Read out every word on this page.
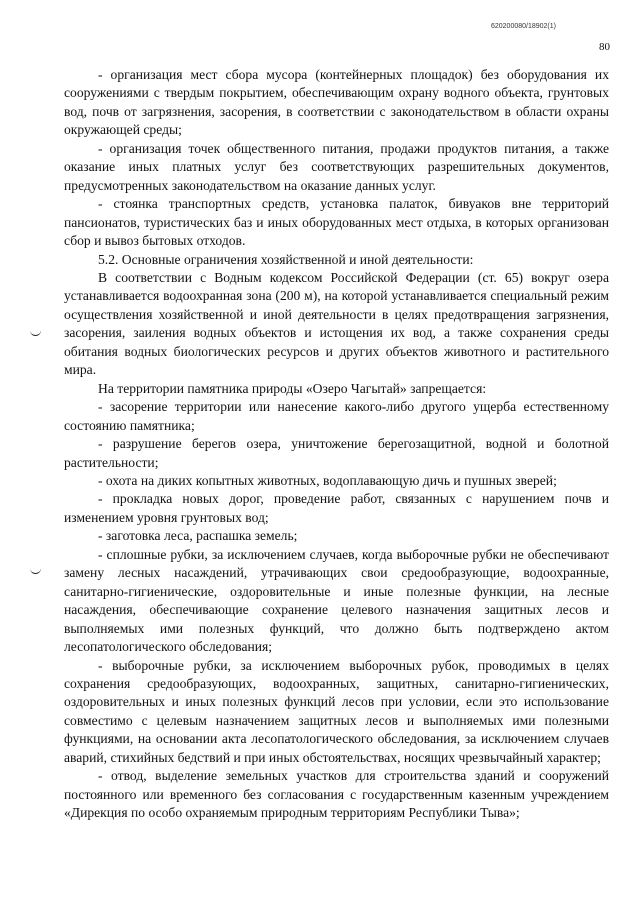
620200080/18902(1)
80

- организация мест сбора мусора (контейнерных площадок) без оборудования их сооружениями с твердым покрытием, обеспечивающим охрану водного объекта, грунтовых вод, почв от загрязнения, засорения, в соответствии с законодательством в области охраны окружающей среды;

- организация точек общественного питания, продажи продуктов питания, а также оказание иных платных услуг без соответствующих разрешительных документов, предусмотренных законодательством на оказание данных услуг.

- стоянка транспортных средств, установка палаток, бивуаков вне территорий пансионатов, туристических баз и иных оборудованных мест отдыха, в которых организован сбор и вывоз бытовых отходов.

5.2. Основные ограничения хозяйственной и иной деятельности:

В соответствии с Водным кодексом Российской Федерации (ст. 65) вокруг озера устанавливается водоохранная зона (200 м), на которой устанавливается специальный режим осуществления хозяйственной и иной деятельности в целях предотвращения загрязнения, засорения, заиления водных объектов и истощения их вод, а также сохранения среды обитания водных биологических ресурсов и других объектов животного и растительного мира.

На территории памятника природы «Озеро Чагытай» запрещается:

- засорение территории или нанесение какого-либо другого ущерба естественному состоянию памятника;

- разрушение берегов озера, уничтожение берегозащитной, водной и болотной растительности;

- охота на диких копытных животных, водоплавающую дичь и пушных зверей;

- прокладка новых дорог, проведение работ, связанных с нарушением почв и изменением уровня грунтовых вод;

- заготовка леса, распашка земель;

- сплошные рубки, за исключением случаев, когда выборочные рубки не обеспечивают замену лесных насаждений, утрачивающих свои средообразующие, водоохранные, санитарно-гигиенические, оздоровительные и иные полезные функции, на лесные насаждения, обеспечивающие сохранение целевого назначения защитных лесов и выполняемых ими полезных функций, что должно быть подтверждено актом лесопатологического обследования;

- выборочные рубки, за исключением выборочных рубок, проводимых в целях сохранения средообразующих, водоохранных, защитных, санитарно-гигиенических, оздоровительных и иных полезных функций лесов при условии, если это использование совместимо с целевым назначением защитных лесов и выполняемых ими полезными функциями, на основании акта лесопатологического обследования, за исключением случаев аварий, стихийных бедствий и при иных обстоятельствах, носящих чрезвычайный характер;

- отвод, выделение земельных участков для строительства зданий и сооружений постоянного или временного без согласования с государственным казенным учреждением «Дирекция по особо охраняемым природным территориям Республики Тыва»;
